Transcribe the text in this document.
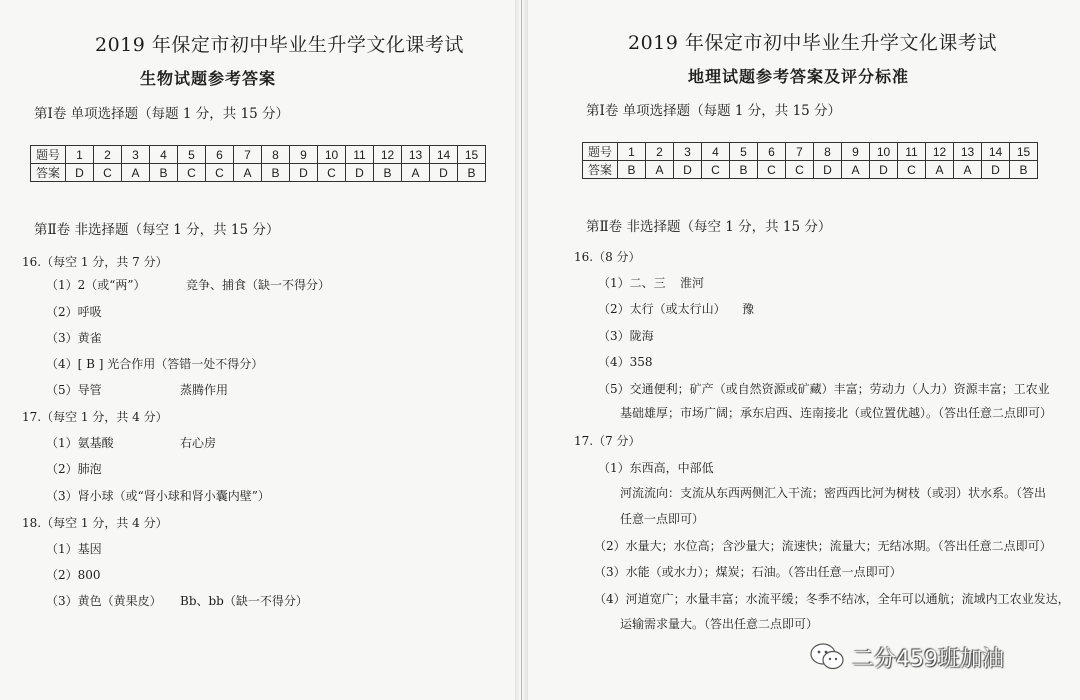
2019 年保定市初中毕业生升学文化课考试
生物试题参考答案
第Ⅰ卷 单项选择题（每题 1 分，共 15 分）
题号	1	2	3	4	5	6	7	8	9	10	11	12	13	14	15
答案	D	C	A	B	C	C	A	B	D	C	D	B	A	D	B
第Ⅱ卷 非选择题（每空 1 分，共 15 分）
16.（每空 1 分，共 7 分）
（1）2（或“两”）	竞争、捕食（缺一不得分）
（2）呼吸
（3）黄雀
（4）[ B ] 光合作用（答错一处不得分）
（5）导管	蒸腾作用
17.（每空 1 分，共 4 分）
（1）氨基酸	右心房
（2）肺泡
（3）肾小球（或“肾小球和肾小囊内壁”）
18.（每空 1 分，共 4 分）
（1）基因
（2）800
（3）黄色（黄果皮） Bb、bb（缺一不得分）
2019 年保定市初中毕业生升学文化课考试
地理试题参考答案及评分标准
第Ⅰ卷 单项选择题（每题 1 分，共 15 分）
题号	1	2	3	4	5	6	7	8	9	10	11	12	13	14	15
答案	B	A	D	C	B	C	C	D	A	D	C	A	A	D	B
第Ⅱ卷 非选择题（每空 1 分，共 15 分）
16.（8 分）
（1）二、三 淮河
（2）太行（或太行山） 豫
（3）陇海
（4）358
（5）交通便利；矿产（或自然资源或矿藏）丰富；劳动力（人力）资源丰富；工农业
基础雄厚；市场广阔；承东启西、连南接北（或位置优越）。（答出任意二点即可）
17.（7 分）
（1）东西高，中部低
河流流向：支流从东西两侧汇入干流；密西西比河为树枝（或羽）状水系。（答出
任意一点即可）
（2）水量大；水位高；含沙量大；流速快；流量大；无结冰期。（答出任意二点即可）
（3）水能（或水力）；煤炭；石油。（答出任意一点即可）
（4）河道宽广；水量丰富；水流平缓；冬季不结冰，全年可以通航；流域内工农业发达，
运输需求量大。（答出任意二点即可）
二分459班加油
